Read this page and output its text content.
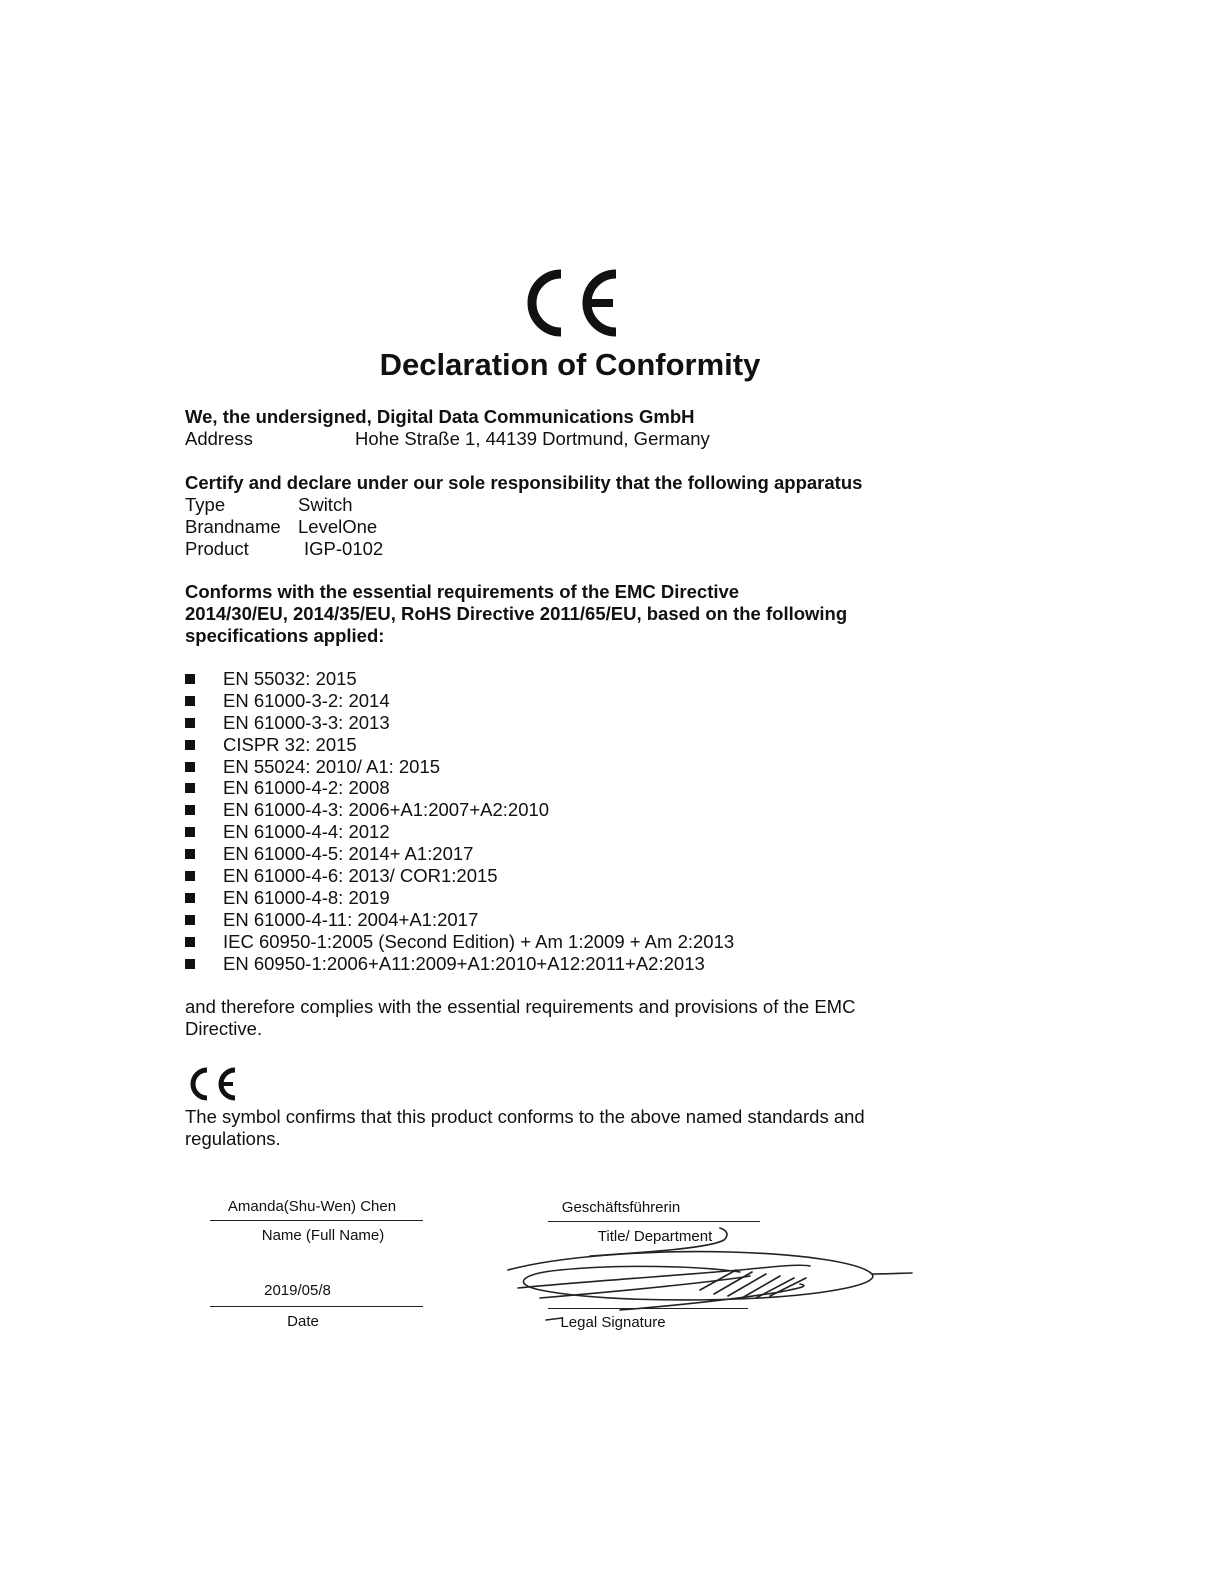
Declaration of Conformity
We, the undersigned, Digital Data Communications GmbH
Address	Hohe Straße 1, 44139 Dortmund, Germany
Certify and declare under our sole responsibility that the following apparatus
Type	Switch
Brandname LevelOne
Product	IGP-0102
Conforms with the essential requirements of the EMC Directive
2014/30/EU, 2014/35/EU, RoHS Directive 2011/65/EU, based on the following
specifications applied:
EN 55032: 2015
EN 61000-3-2: 2014
EN 61000-3-3: 2013
CISPR 32: 2015
EN 55024: 2010/ A1: 2015
EN 61000-4-2: 2008
EN 61000-4-3: 2006+A1:2007+A2:2010
EN 61000-4-4: 2012
EN 61000-4-5: 2014+ A1:2017
EN 61000-4-6: 2013/ COR1:2015
EN 61000-4-8: 2019
EN 61000-4-11: 2004+A1:2017
IEC 60950-1:2005 (Second Edition) + Am 1:2009 + Am 2:2013
EN 60950-1:2006+A11:2009+A1:2010+A12:2011+A2:2013
and therefore complies with the essential requirements and provisions of the EMC
Directive.
The symbol confirms that this product conforms to the above named standards and
regulations.
Amanda(Shu-Wen) Chen
Name (Full Name)
2019/05/8
Date
Geschäftsführerin
Title/ Department
Legal Signature
